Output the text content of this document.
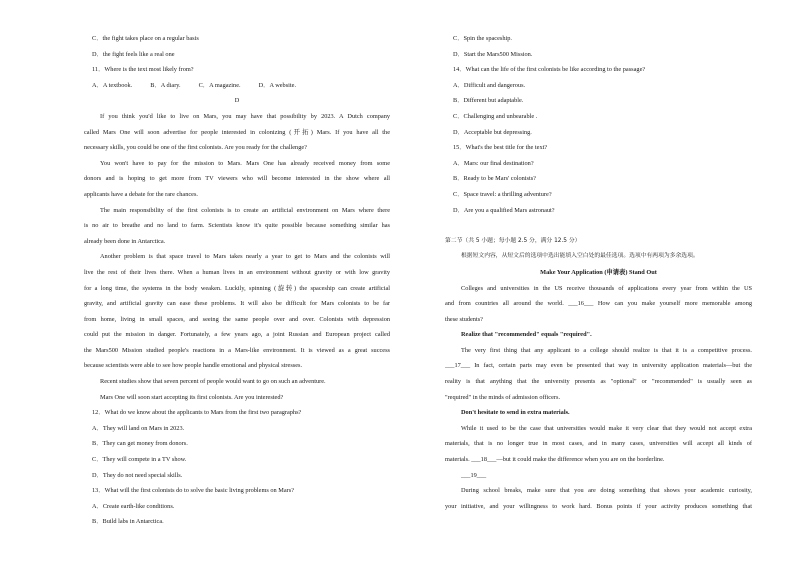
C．the fight takes place on a regular basis
D．the fight feels like a real one
11．Where is the text most likely from?
A．A textbook.	B．A diary.	C．A magazine.	D．A website.
D
If you think you'd like to live on Mars, you may have that possibility by 2023. A Dutch company
called Mars One will soon advertise for people interested in colonizing (开拓) Mars. If you have all the
necessary skills, you could be one of the first colonists. Are you ready for the challenge?
You won't have to pay for the mission to Mars. Mars One has already received money from some
donors and is hoping to get more from TV viewers who will become interested in the show where all
applicants have a debate for the rare chances.
The main responsibility of the first colonists is to create an artificial environment on Mars where there
is no air to breathe and no land to farm. Scientists know it's quite possible because something similar has
already been done in Antarctica.
Another problem is that space travel to Mars takes nearly a year to get to Mars and the colonists will
live the rest of their lives there. When a human lives in an environment without gravity or with low gravity
for a long time, the systems in the body weaken. Luckily, spinning (旋转) the spaceship can create artificial
gravity, and artificial gravity can ease these problems. It will also be difficult for Mars colonists to be far
from home, living in small spaces, and seeing the same people over and over. Colonists with depression
could put the mission in danger. Fortunately, a few years ago, a joint Russian and European project called
the Mars500 Mission studied people's reactions in a Mars-like environment. It is viewed as a great success
because scientists were able to see how people handle emotional and physical stresses.
Recent studies show that seven percent of people would want to go on such an adventure.
Mars One will soon start accepting its first colonists. Are you interested?
12．What do we know about the applicants to Mars from the first two paragraphs?
A．They will land on Mars in 2023.
B．They can get money from donors.
C．They will compete in a TV show.
D．They do not need special skills.
13．What will the first colonists do to solve the basic living problems on Mars?
A．Create earth-like conditions.
B．Build labs in Antarctica.
C．Spin the spaceship.
D．Start the Mars500 Mission.
14．What can the life of the first colonists be like according to the passage?
A．Difficult and dangerous.
B．Different but adaptable.
C．Challenging and unbearable .
D．Acceptable but depressing.
15．What's the best title for the text?
A．Mars: our final destination?
B．Ready to be Mars' colonists?
C．Space travel: a thrilling adventure?
D．Are you a qualified Mars astronaut?
第二节（共 5 小题；每小题 2.5 分，满分 12.5 分）
根据短文内容，从短文后的选项中选出能填入空白处的最佳选项。选项中有两项为多余选项。
Make Your Application (申请表) Stand Out
Colleges and universities in the US receive thousands of applications every year from within the US
and from countries all around the world. ___16___ How can you make yourself more memorable among
these students?
Realize that "recommended" equals "required".
The very first thing that any applicant to a college should realize is that it is a competitive process.
___17___ In fact, certain parts may even be presented that way in university application materials—but the
reality is that anything that the university presents as "optional" or "recommended" is usually seen as
"required" in the minds of admission officers.
Don't hesitate to send in extra materials.
While it used to be the case that universities would make it very clear that they would not accept extra
materials, that is no longer true in most cases, and in many cases, universities will accept all kinds of
materials. ___18___—but it could make the difference when you are on the borderline.
___19___
During school breaks, make sure that you are doing something that shows your academic curiosity,
your initiative, and your willingness to work hard. Bonus points if your activity produces something that
